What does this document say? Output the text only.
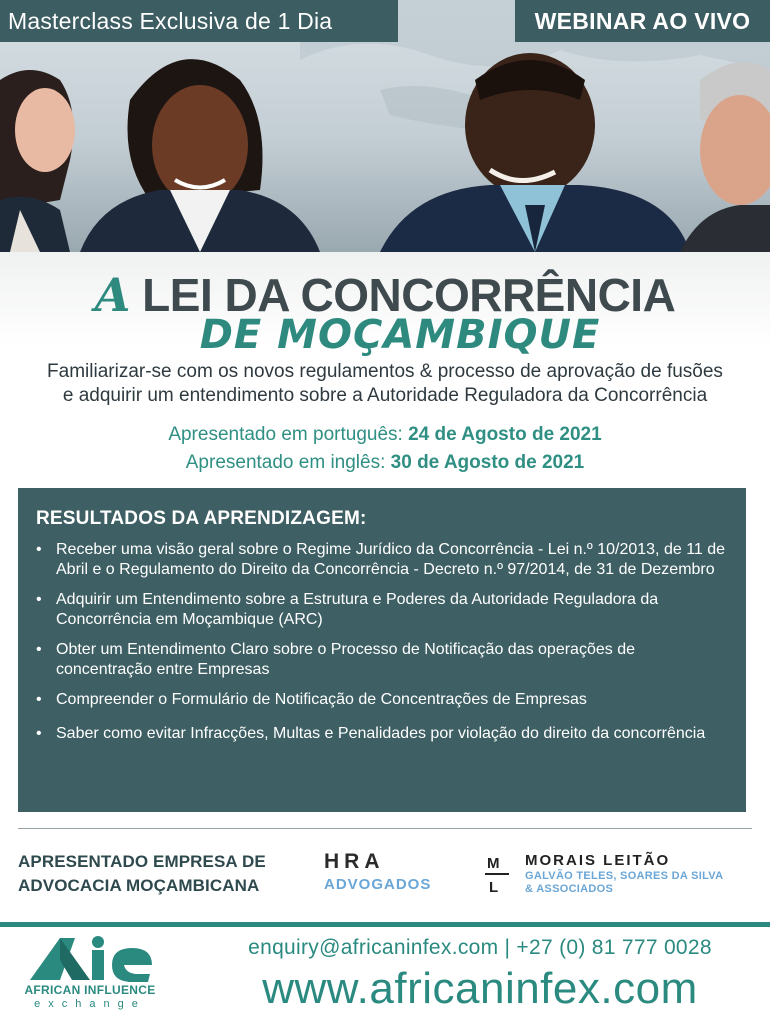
Masterclass Exclusiva de 1 Dia	WEBINAR AO VIVO
A LEI DA CONCORRÊNCIA
DE MOÇAMBIQUE
Familiarizar-se com os novos regulamentos & processo de aprovação de fusões
e adquirir um entendimento sobre a Autoridade Reguladora da Concorrência
Apresentado em português: 24 de Agosto de 2021
Apresentado em inglês: 30 de Agosto de 2021
RESULTADOS DA APRENDIZAGEM:
• Receber uma visão geral sobre o Regime Jurídico da Concorrência - Lei n.º 10/2013, de 11 de Abril e o Regulamento do Direito da Concorrência - Decreto n.º 97/2014, de 31 de Dezembro
• Adquirir um Entendimento sobre a Estrutura e Poderes da Autoridade Reguladora da Concorrência em Moçambique (ARC)
• Obter um Entendimento Claro sobre o Processo de Notificação das operações de concentração entre Empresas
• Compreender o Formulário de Notificação de Concentrações de Empresas
• Saber como evitar Infracções, Multas e Penalidades por violação do direito da concorrência
APRESENTADO EMPRESA DE
ADVOCACIA MOÇAMBICANA
HRA
ADVOGADOS
M
L
MORAIS LEITÃO
GALVÃO TELES, SOARES DA SILVA
& ASSOCIADOS
AFRICAN INFLUENCE
exchange
enquiry@africaninfex.com | +27 (0) 81 777 0028
www.africaninfex.com
